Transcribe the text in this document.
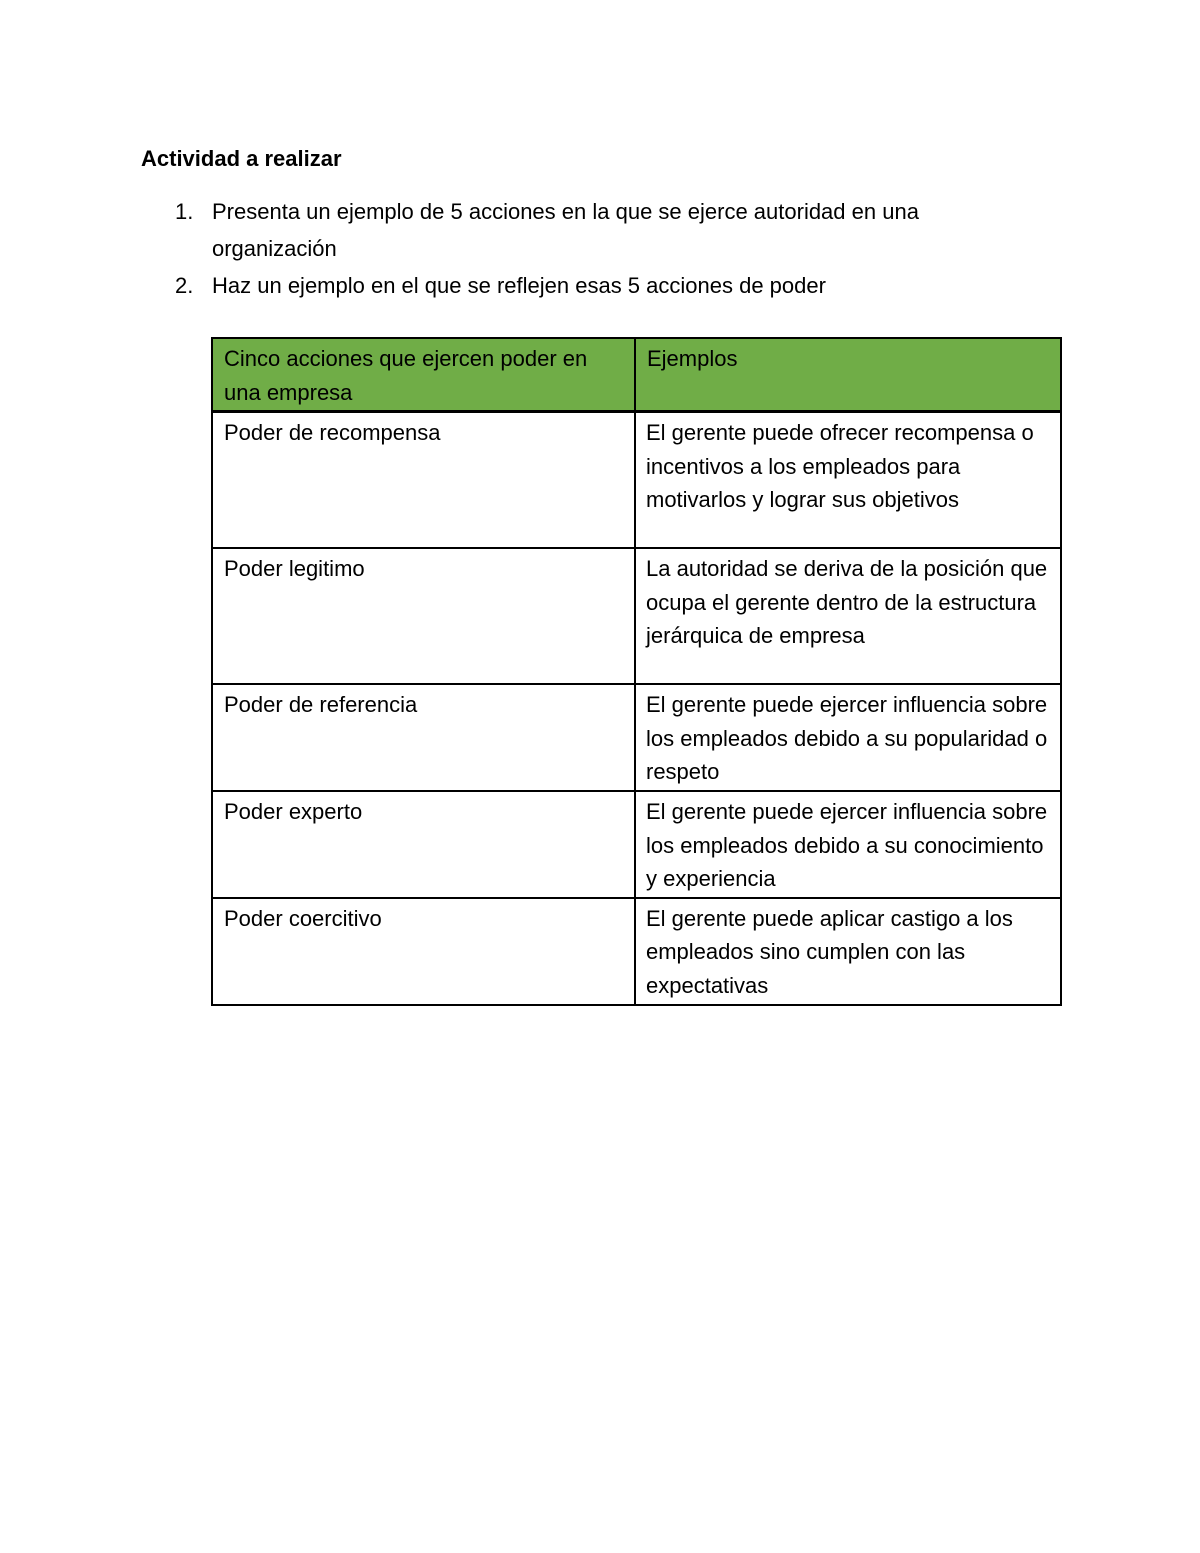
Actividad a realizar
1. Presenta un ejemplo de 5 acciones en la que se ejerce autoridad en una organización
2. Haz un ejemplo en el que se reflejen esas 5 acciones de poder
Cinco acciones que ejercen poder en una empresa	Ejemplos
Poder de recompensa	El gerente puede ofrecer recompensa o incentivos a los empleados para motivarlos y lograr sus objetivos
Poder legitimo	La autoridad se deriva de la posición que ocupa el gerente dentro de la estructura jerárquica de empresa
Poder de referencia	El gerente puede ejercer influencia sobre los empleados debido a su popularidad o respeto
Poder experto	El gerente puede ejercer influencia sobre los empleados debido a su conocimiento y experiencia
Poder coercitivo	El gerente puede aplicar castigo a los empleados sino cumplen con las expectativas
